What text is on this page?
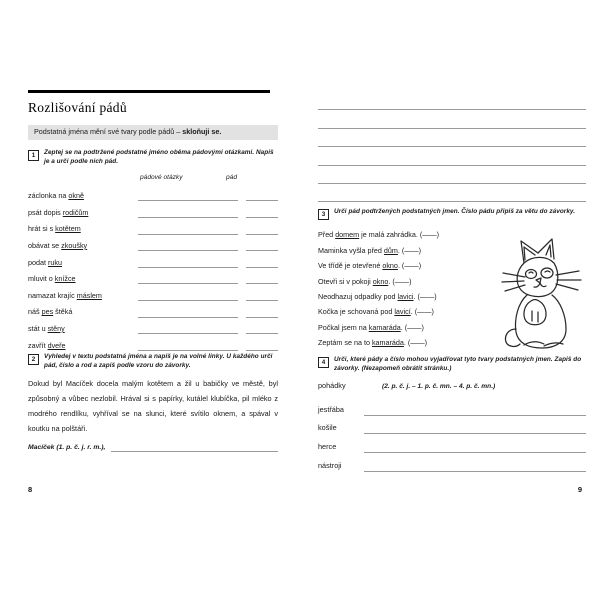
Rozlišování pádů
Podstatná jména mění své tvary podle pádů – skloňuji se.
1	Zeptej se na podtržené podstatné jméno oběma pádovými otázkami. Napiš je a urči podle nich pád.
pádové otázky	pád
záclonka na okně
psát dopis rodičům
hrát si s kotětem
obávat se zkoušky
podat ruku
mluvit o knížce
namazat krajíc máslem
náš pes štěká
stát u stěny
zavřít dveře
2	Vyhledej v textu podstatná jména a napiš je na volné linky. U každého urči pád, číslo a rod a zapiš podle vzoru do závorky.

Dokud byl Macíček docela malým kotětem a žil u babičky ve městě, byl způsobný a vůbec nezlobil. Hrával si s papírky, kutálel klubíčka, pil mléko z modrého rendlíku, vyhříval se na slunci, které svítilo oknem, a spával v koutku na polštáři.

Macíček (1. p. č. j. r. m.),
8
3	Urči pád podtržených podstatných jmen. Číslo pádu připiš za větu do závorky.
Před domem je malá zahrádka. (——)
Maminka vyšla před dům. (——)
Ve třídě je otevřené okno. (——)
Otevři si v pokoji okno. (——)
Neodhazuj odpadky pod lavici. (——)
Kočka je schovaná pod lavicí. (——)
Počkal jsem na kamaráda. (——)
Zeptám se na to kamaráda. (——)
4	Urči, které pády a číslo mohou vyjadřovat tyto tvary podstatných jmen. Zapiš do závorky. (Nezapomeň obrátit stránku.)
pohádky	(2. p. č. j. – 1. p. č. mn. – 4. p. č. mn.)
jestřába
košile
herce
nástroji
9
